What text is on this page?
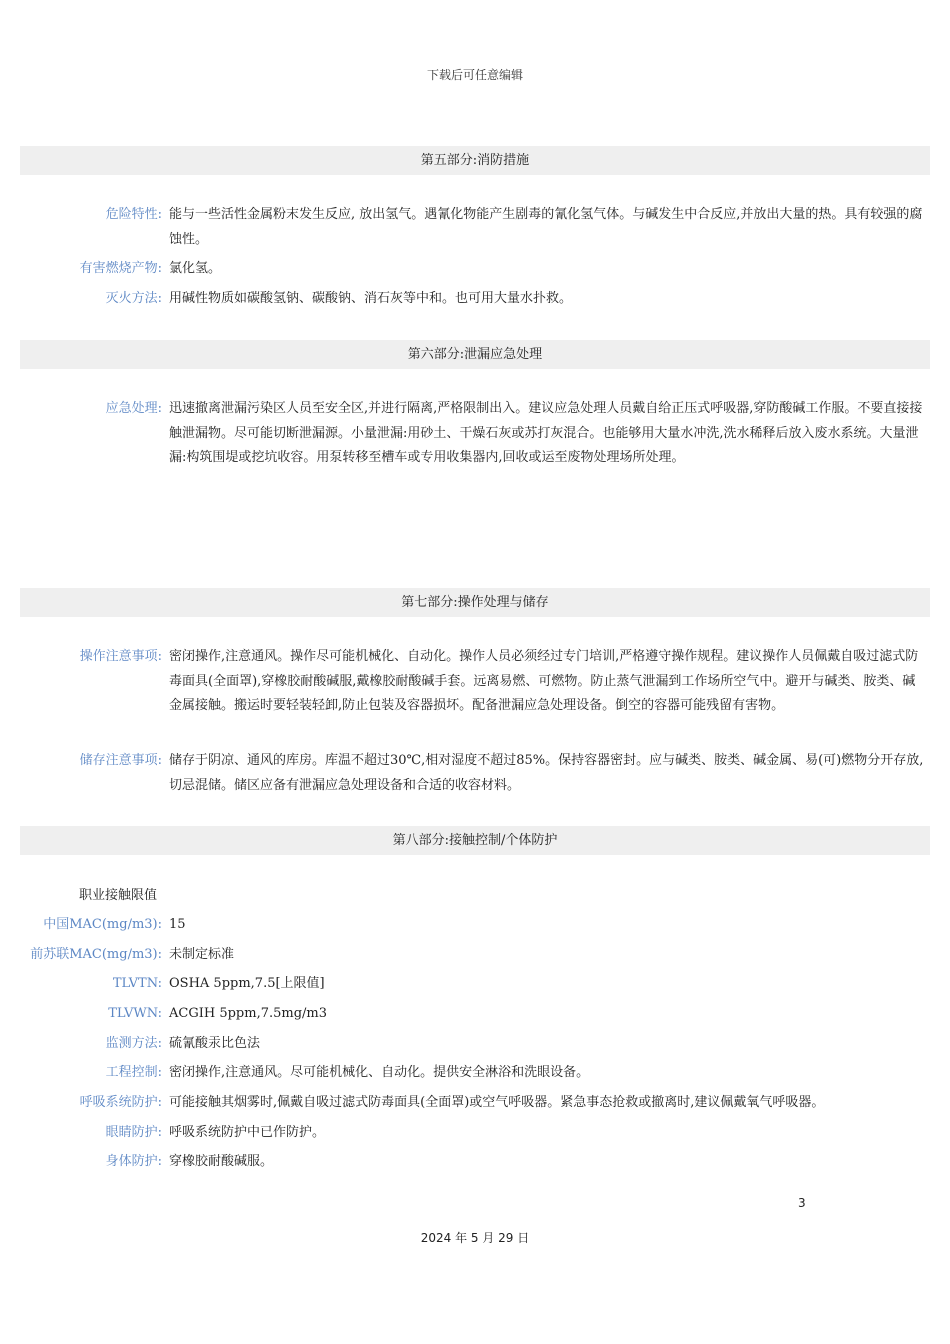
下载后可任意编辑
第五部分:消防措施
危险特性: 能与一些活性金属粉末发生反应, 放出氢气。遇氰化物能产生剧毒的氰化氢气体。与碱发生中合反应,并放出大量的热。具有较强的腐蚀性。
有害燃烧产物: 氯化氢。
灭火方法: 用碱性物质如碳酸氢钠、碳酸钠、消石灰等中和。也可用大量水扑救。
第六部分:泄漏应急处理
应急处理: 迅速撤离泄漏污染区人员至安全区,并进行隔离,严格限制出入。建议应急处理人员戴自给正压式呼吸器,穿防酸碱工作服。不要直接接触泄漏物。尽可能切断泄漏源。小量泄漏:用砂土、干燥石灰或苏打灰混合。也能够用大量水冲洗,洗水稀释后放入废水系统。大量泄漏:构筑围堤或挖坑收容。用泵转移至槽车或专用收集器内,回收或运至废物处理场所处理。
第七部分:操作处理与储存
操作注意事项: 密闭操作,注意通风。操作尽可能机械化、自动化。操作人员必须经过专门培训,严格遵守操作规程。建议操作人员佩戴自吸过滤式防毒面具(全面罩),穿橡胶耐酸碱服,戴橡胶耐酸碱手套。远离易燃、可燃物。防止蒸气泄漏到工作场所空气中。避开与碱类、胺类、碱金属接触。搬运时要轻装轻卸,防止包装及容器损坏。配备泄漏应急处理设备。倒空的容器可能残留有害物。
储存注意事项: 储存于阴凉、通风的库房。库温不超过30℃,相对湿度不超过85%。保持容器密封。应与碱类、胺类、碱金属、易(可)燃物分开存放,切忌混储。储区应备有泄漏应急处理设备和合适的收容材料。
第八部分:接触控制/个体防护
职业接触限值
中国MAC(mg/m3): 15
前苏联MAC(mg/m3): 未制定标准
TLVTN: OSHA 5ppm,7.5[上限值]
TLVWN: ACGIH 5ppm,7.5mg/m3
监测方法: 硫氰酸汞比色法
工程控制: 密闭操作,注意通风。尽可能机械化、自动化。提供安全淋浴和洗眼设备。
呼吸系统防护: 可能接触其烟雾时,佩戴自吸过滤式防毒面具(全面罩)或空气呼吸器。紧急事态抢救或撤离时,建议佩戴氧气呼吸器。
眼睛防护: 呼吸系统防护中已作防护。
身体防护: 穿橡胶耐酸碱服。
3
2024 年 5 月 29 日
